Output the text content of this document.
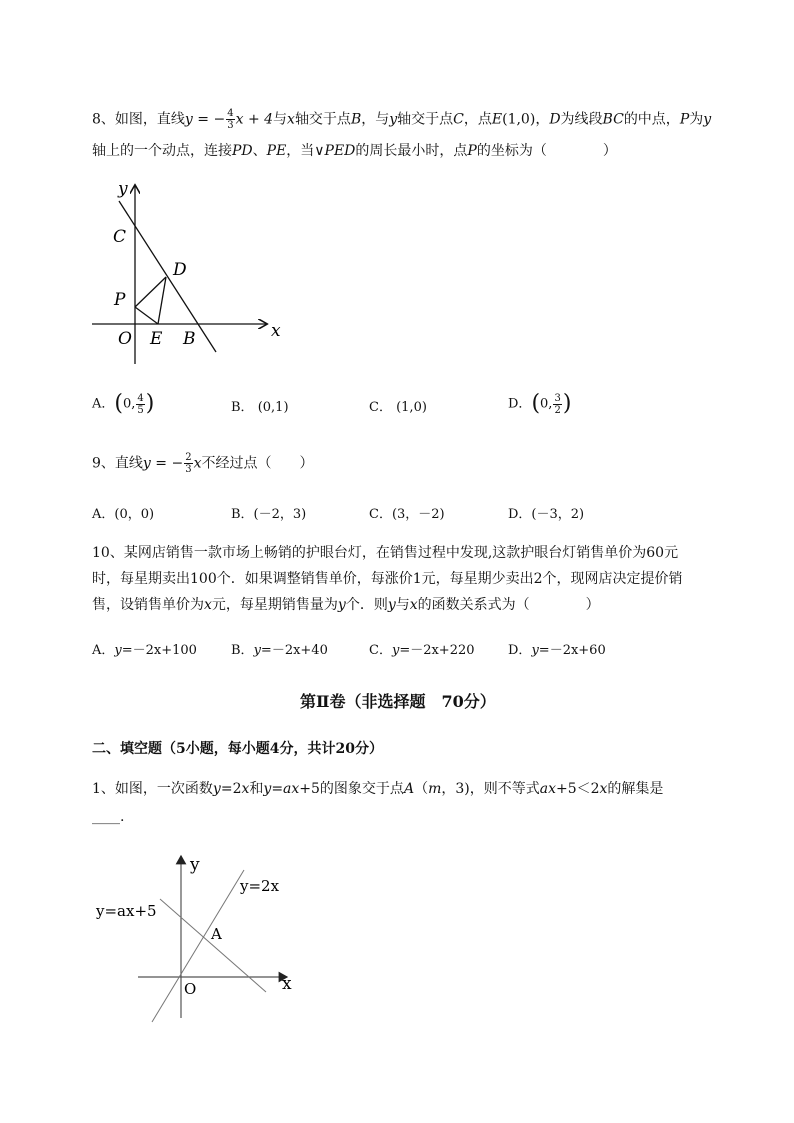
8、如图，直线y = − $\frac{4}{3}$ x + 4与x轴交于点B，与y轴交于点C，点E(1,0)，D为线段BC的中点，P为y
轴上的一个动点，连接PD、PE，当∨PED的周长最小时，点P的坐标为（　　　　）
y
x
C
D
P
O E B
A．(0, $\frac{4}{5}$ )	B． (0,1)	C． (1,0)	D．(0, $\frac{3}{2}$ )
9、直线y = − $\frac{2}{3}$ x不经过点（　　）
A．(0，0)	B．(－2，3)	C．(3，－2)	D．(－3，2)
10、某网店销售一款市场上畅销的护眼台灯，在销售过程中发现,这款护眼台灯销售单价为60元
时，每星期卖出100个．如果调整销售单价，每涨价1元，每星期少卖出2个，现网店决定提价销
售，设销售单价为x元，每星期销售量为y个．则y与x的函数关系式为（　　　　）
A．y=－2x+100	B．y=－2x+40	C．y=－2x+220	D．y=－2x+60
第Ⅱ卷（非选择题　70分）
二、填空题（5小题，每小题4分，共计20分）
1、如图，一次函数y=2x和y=ax+5的图象交于点A（m，3)，则不等式ax+5＜2x的解集是
____.
y
x
O
A
y=2x
y=ax+5
